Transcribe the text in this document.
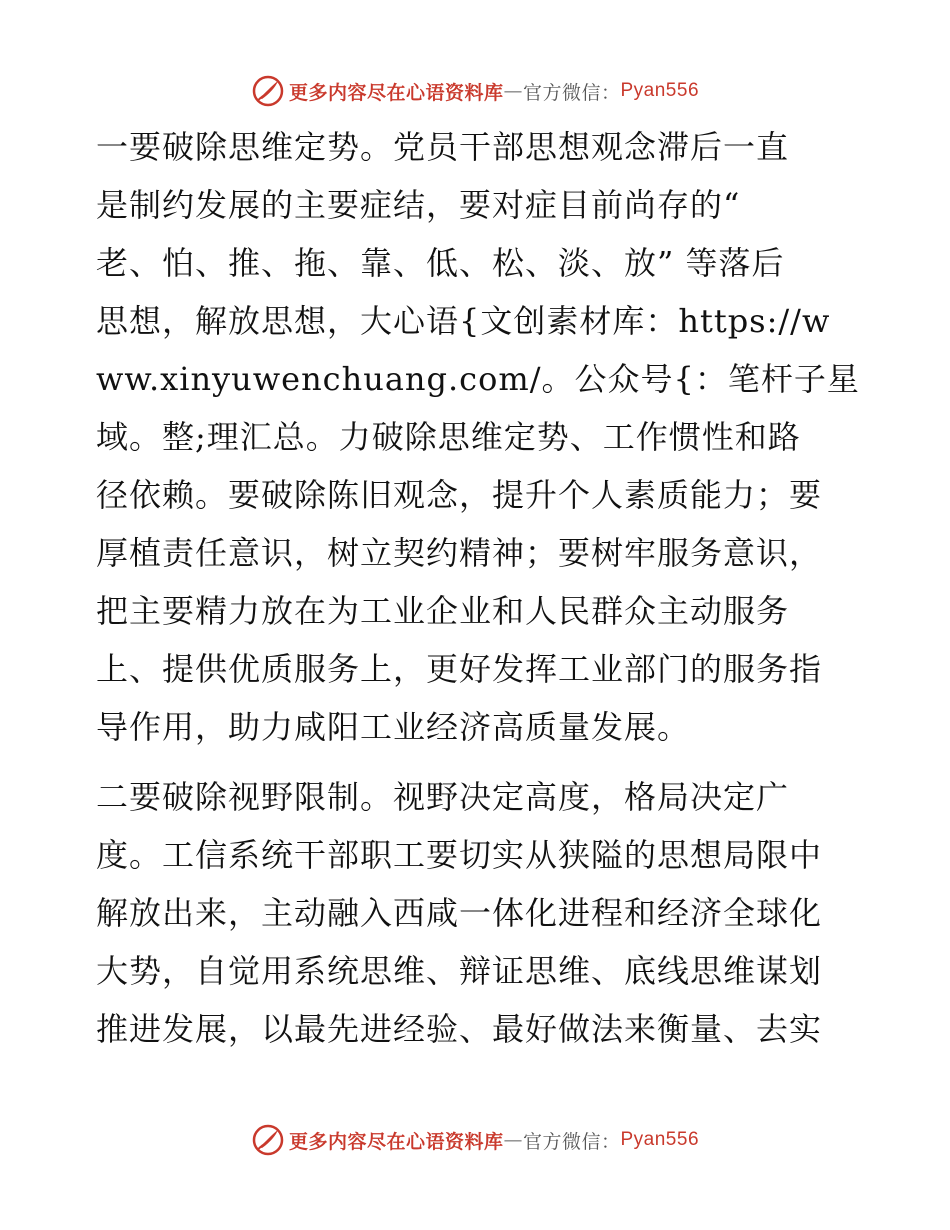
更多内容尽在心语资料库 — 官方微信： Pyan556

一要破除思维定势。党员干部思想观念滞后一直
是制约发展的主要症结，要对症目前尚存的“
老、怕、推、拖、靠、低、松、淡、放” 等落后
思想，解放思想，大心语{文创素材库：https://w
ww.xinyuwenchuang.com/。公众号{：笔杆子星
域。整;理汇总。力破除思维定势、工作惯性和路
径依赖。要破除陈旧观念，提升个人素质能力；要
厚植责任意识，树立契约精神；要树牢服务意识，
把主要精力放在为工业企业和人民群众主动服务
上、提供优质服务上，更好发挥工业部门的服务指
导作用，助力咸阳工业经济高质量发展。

二要破除视野限制。视野决定高度，格局决定广
度。工信系统干部职工要切实从狭隘的思想局限中
解放出来，主动融入西咸一体化进程和经济全球化
大势，自觉用系统思维、辩证思维、底线思维谋划
推进发展，以最先进经验、最好做法来衡量、去实

更多内容尽在心语资料库 — 官方微信： Pyan556
